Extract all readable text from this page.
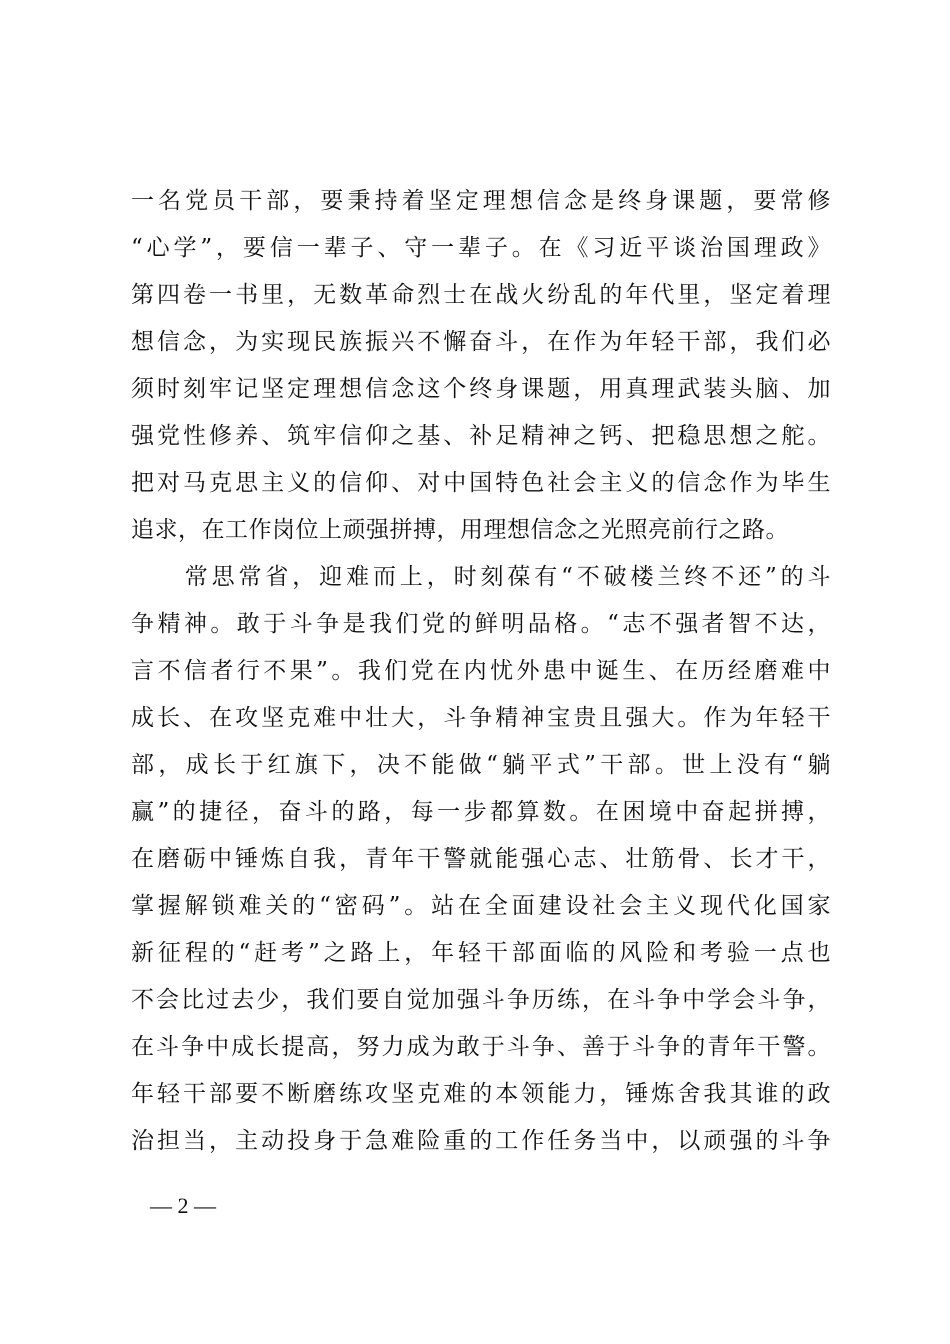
一名党员干部，要秉持着坚定理想信念是终身课题，要常修
“心学”，要信一辈子、守一辈子。在《习近平谈治国理政》
第四卷一书里，无数革命烈士在战火纷乱的年代里，坚定着理
想信念，为实现民族振兴不懈奋斗，在作为年轻干部，我们必
须时刻牢记坚定理想信念这个终身课题，用真理武装头脑、加
强党性修养、筑牢信仰之基、补足精神之钙、把稳思想之舵。
把对马克思主义的信仰、对中国特色社会主义的信念作为毕生
追求，在工作岗位上顽强拼搏，用理想信念之光照亮前行之路。
　　常思常省，迎难而上，时刻葆有“不破楼兰终不还”的斗
争精神。敢于斗争是我们党的鲜明品格。“志不强者智不达，
言不信者行不果”。我们党在内忧外患中诞生、在历经磨难中
成长、在攻坚克难中壮大，斗争精神宝贵且强大。作为年轻干
部，成长于红旗下，决不能做“躺平式”干部。世上没有“躺
赢”的捷径，奋斗的路，每一步都算数。在困境中奋起拼搏，
在磨砺中锤炼自我，青年干警就能强心志、壮筋骨、长才干，
掌握解锁难关的“密码”。站在全面建设社会主义现代化国家
新征程的“赶考”之路上，年轻干部面临的风险和考验一点也
不会比过去少，我们要自觉加强斗争历练，在斗争中学会斗争，
在斗争中成长提高，努力成为敢于斗争、善于斗争的青年干警。
年轻干部要不断磨练攻坚克难的本领能力，锤炼舍我其谁的政
治担当，主动投身于急难险重的工作任务当中，以顽强的斗争
— 2 —
